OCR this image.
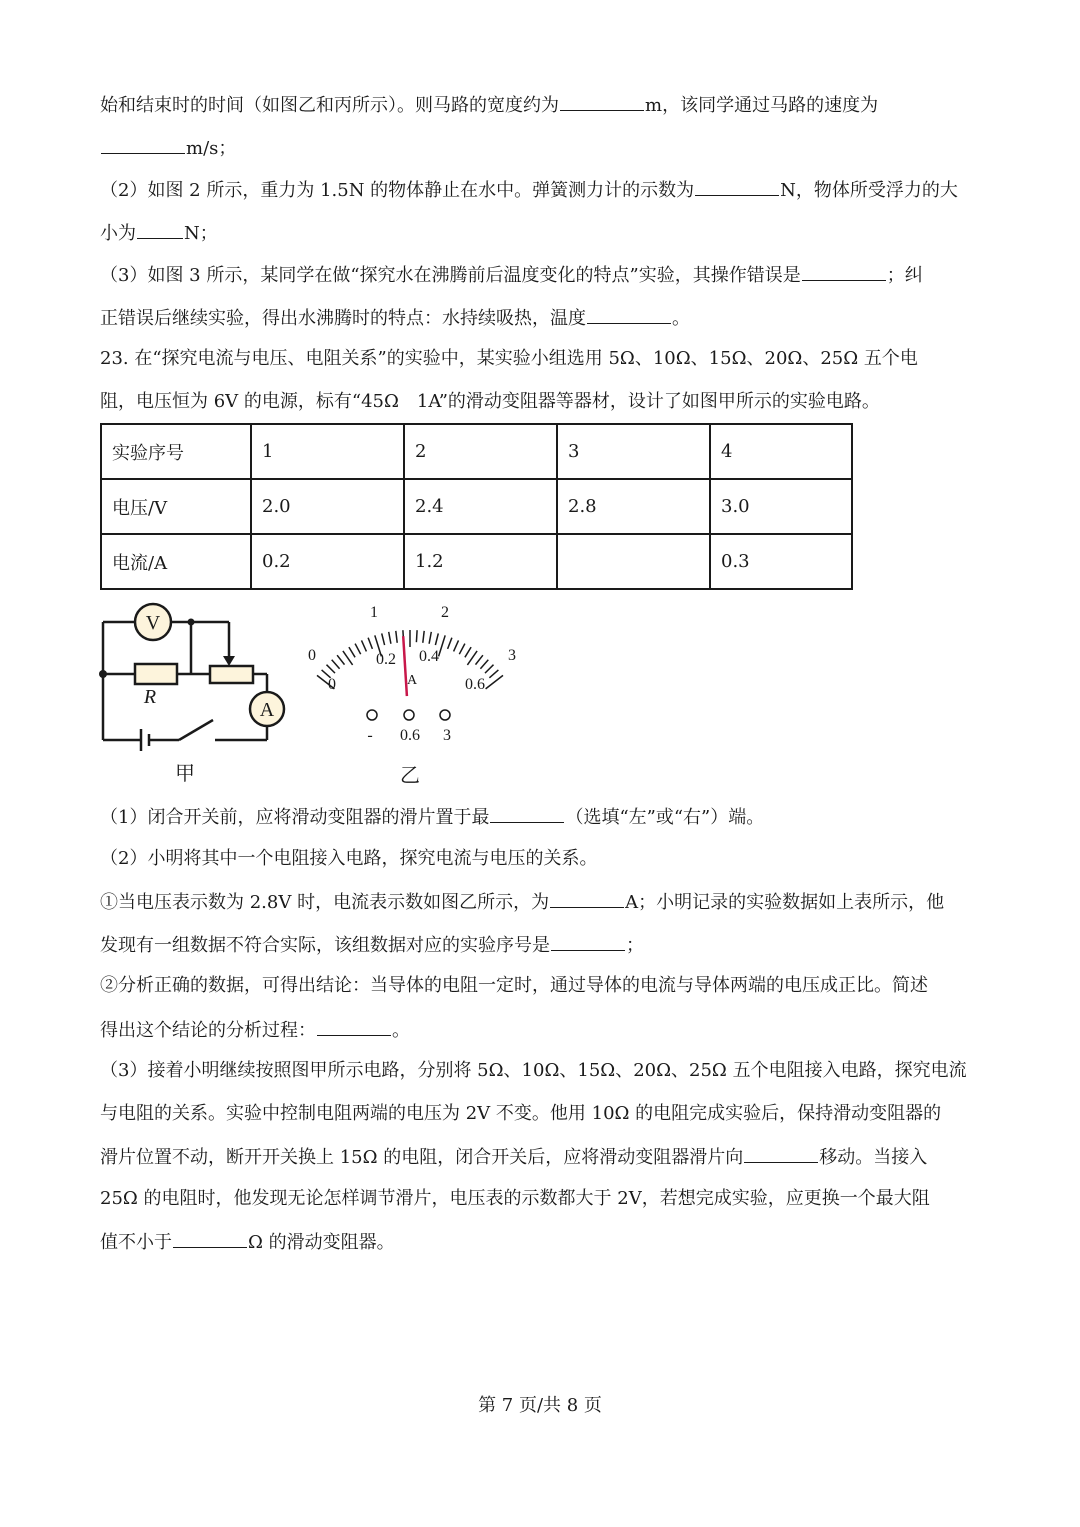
始和结束时的时间（如图乙和丙所示）。则马路的宽度约为	m，该同学通过马路的速度为
m/s；
（2）如图 2 所示，重力为 1.5N 的物体静止在水中。弹簧测力计的示数为	N，物体所受浮力的大
小为	N；
（3）如图 3 所示，某同学在做“探究水在沸腾前后温度变化的特点”实验，其操作错误是	；纠
正错误后继续实验，得出水沸腾时的特点：水持续吸热，温度	。
23. 在“探究电流与电压、电阻关系”的实验中，某实验小组选用 5Ω、10Ω、15Ω、20Ω、25Ω 五个电
阻，电压恒为 6V 的电源，标有“45Ω　1A”的滑动变阻器等器材，设计了如图甲所示的实验电路。
实验序号	1	2	3	4
电压/V	2.0	2.4	2.8	3.0
电流/A	0.2	1.2		0.3
V
A
R
甲
0
1	2
3
0
0.2 0.4
0.6
A
- 0.6 3
乙
（1）闭合开关前，应将滑动变阻器的滑片置于最	（选填“左”或“右”）端。
（2）小明将其中一个电阻接入电路，探究电流与电压的关系。
①当电压表示数为 2.8V 时，电流表示数如图乙所示，为	A；小明记录的实验数据如上表所示，他
发现有一组数据不符合实际，该组数据对应的实验序号是	；
②分析正确的数据，可得出结论：当导体的电阻一定时，通过导体的电流与导体两端的电压成正比。简述
得出这个结论的分析过程：	。
（3）接着小明继续按照图甲所示电路，分别将 5Ω、10Ω、15Ω、20Ω、25Ω 五个电阻接入电路，探究电流
与电阻的关系。实验中控制电阻两端的电压为 2V 不变。他用 10Ω 的电阻完成实验后，保持滑动变阻器的
滑片位置不动，断开开关换上 15Ω 的电阻，闭合开关后，应将滑动变阻器滑片向	移动。当接入
25Ω 的电阻时，他发现无论怎样调节滑片，电压表的示数都大于 2V，若想完成实验，应更换一个最大阻
值不小于	Ω 的滑动变阻器。
第 7 页/共 8 页
